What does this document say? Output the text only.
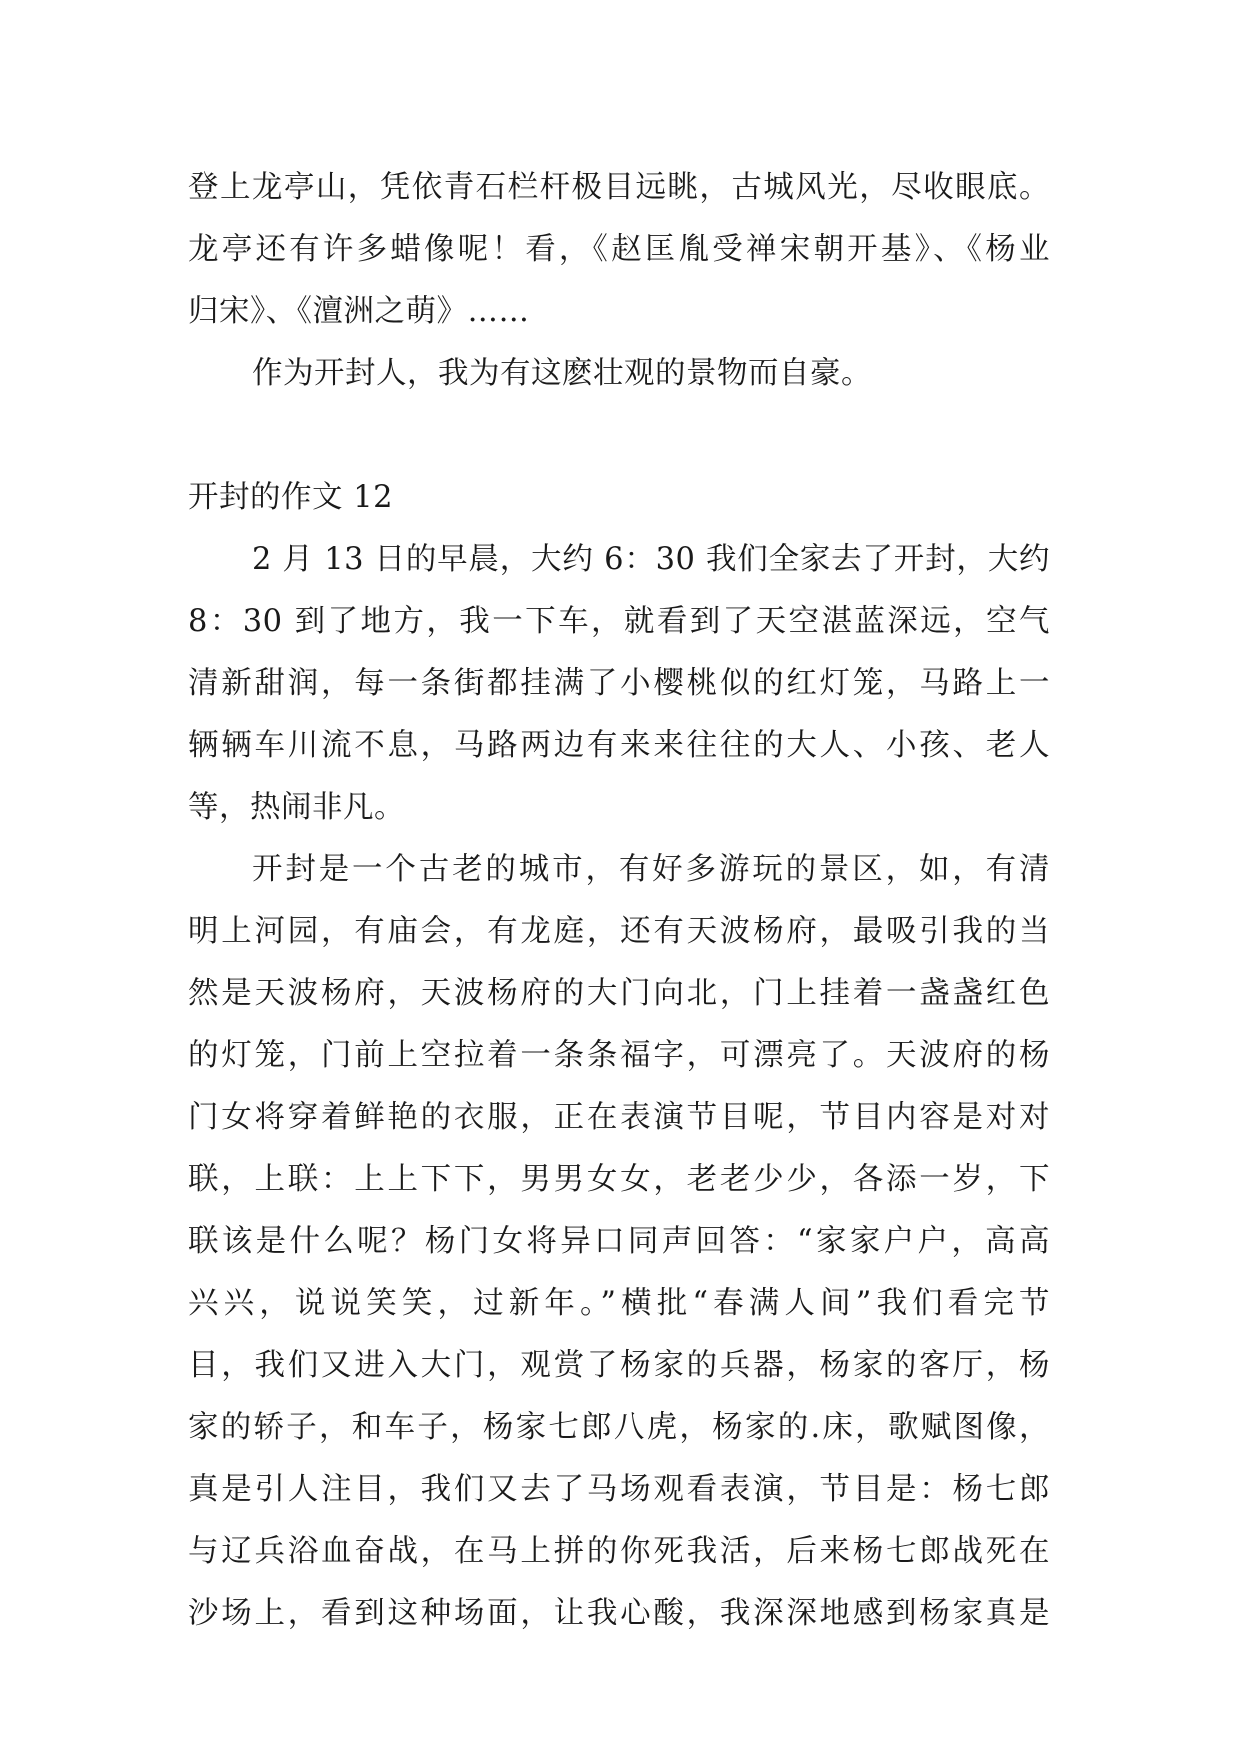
登上龙亭山，凭依青石栏杆极目远眺，古城风光，尽收眼底。
龙亭还有许多蜡像呢！看，《赵匡胤受禅宋朝开基》、《杨业
归宋》、《澶洲之萌》……
作为开封人，我为有这麽壮观的景物而自豪。
开封的作文 12
2 月 13 日的早晨，大约 6：30 我们全家去了开封，大约
8：30 到了地方，我一下车，就看到了天空湛蓝深远，空气
清新甜润，每一条街都挂满了小樱桃似的红灯笼，马路上一
辆辆车川流不息，马路两边有来来往往的大人、小孩、老人
等，热闹非凡。
开封是一个古老的城市，有好多游玩的景区，如，有清
明上河园，有庙会，有龙庭，还有天波杨府，最吸引我的当
然是天波杨府，天波杨府的大门向北，门上挂着一盏盏红色
的灯笼，门前上空拉着一条条福字，可漂亮了。天波府的杨
门女将穿着鲜艳的衣服，正在表演节目呢，节目内容是对对
联，上联：上上下下，男男女女，老老少少，各添一岁，下
联该是什么呢？杨门女将异口同声回答：“家家户户，高高
兴兴，说说笑笑，过新年。”横批“春满人间”我们看完节
目，我们又进入大门，观赏了杨家的兵器，杨家的客厅，杨
家的轿子，和车子，杨家七郎八虎，杨家的.床，歌赋图像，
真是引人注目，我们又去了马场观看表演，节目是：杨七郎
与辽兵浴血奋战，在马上拼的你死我活，后来杨七郎战死在
沙场上，看到这种场面，让我心酸，我深深地感到杨家真是
